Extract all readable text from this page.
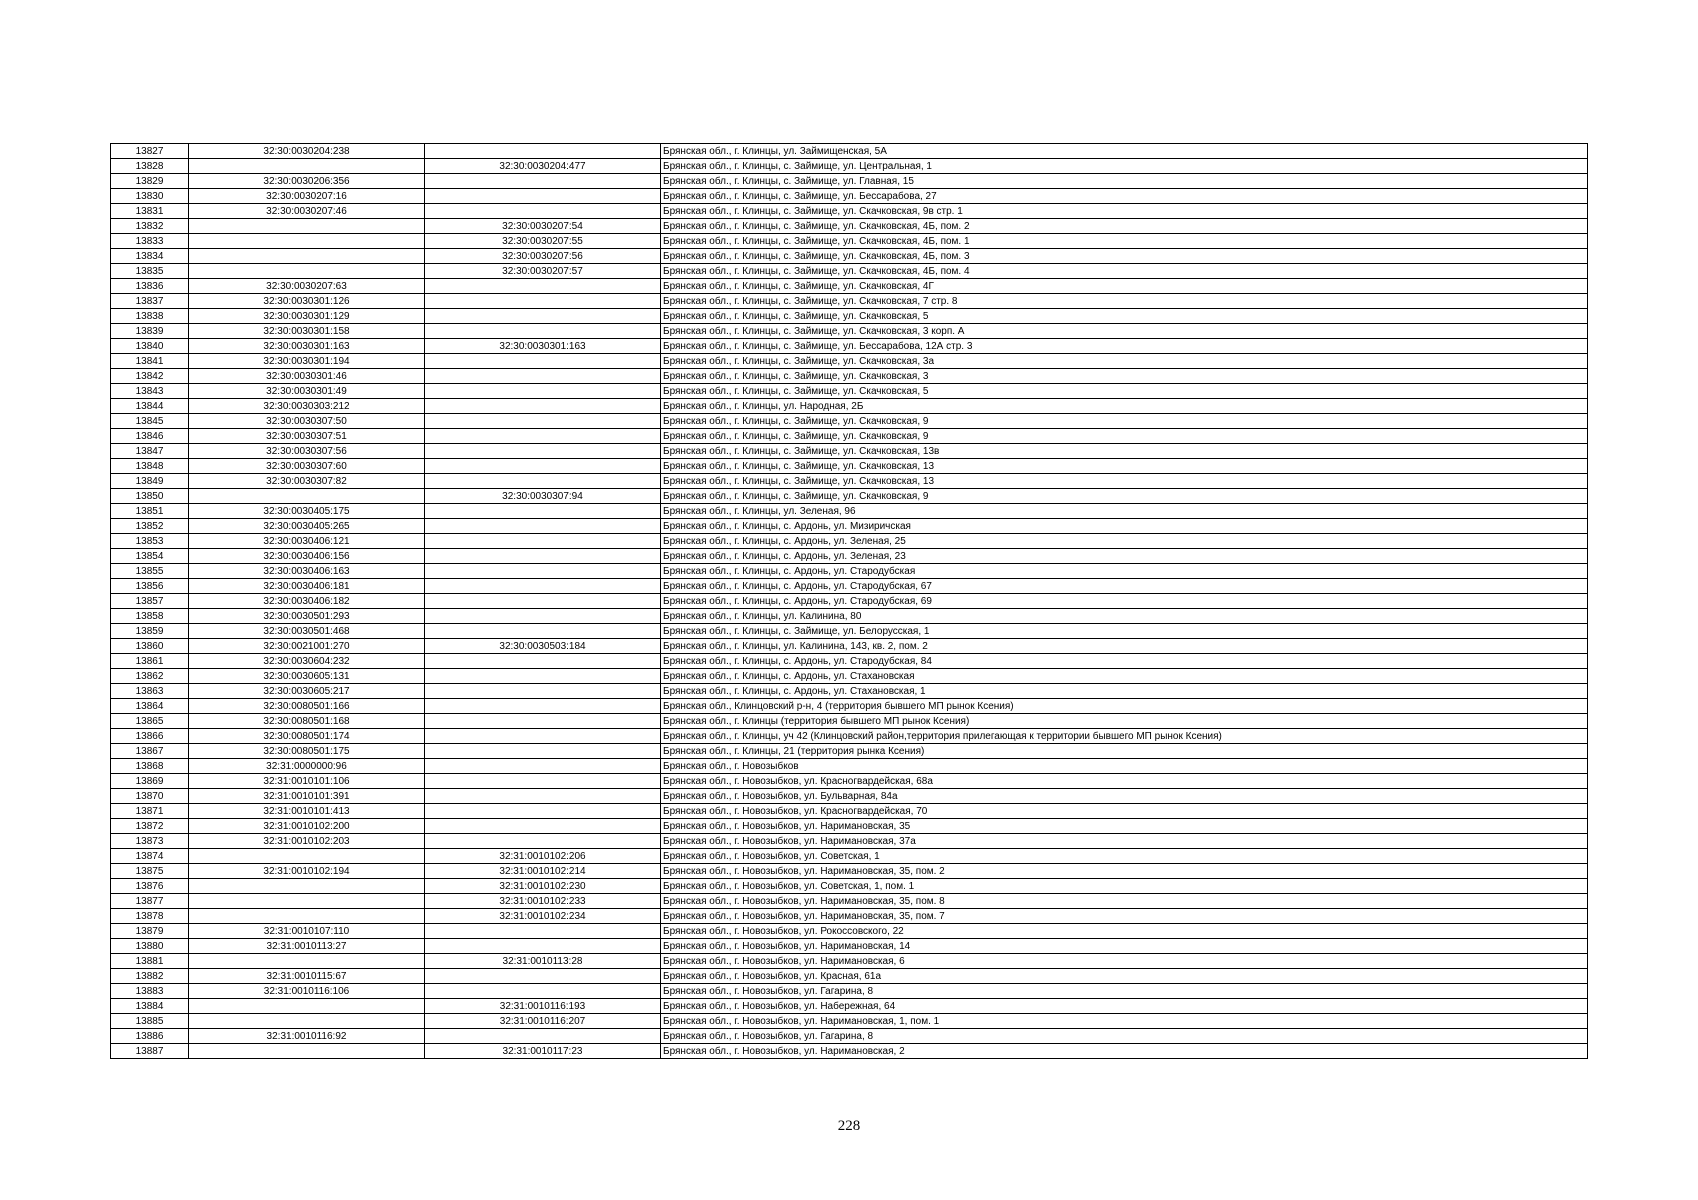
13827	32:30:0030204:238		Брянская обл., г. Клинцы, ул. Займищенская, 5А
13828		32:30:0030204:477	Брянская обл., г. Клинцы, с. Займище, ул. Центральная, 1
13829	32:30:0030206:356		Брянская обл., г. Клинцы, с. Займище, ул. Главная, 15
13830	32:30:0030207:16		Брянская обл., г. Клинцы, с. Займище, ул. Бессарабова, 27
13831	32:30:0030207:46		Брянская обл., г. Клинцы, с. Займище, ул. Скачковская, 9в стр. 1
13832		32:30:0030207:54	Брянская обл., г. Клинцы, с. Займище, ул. Скачковская, 4Б, пом. 2
13833		32:30:0030207:55	Брянская обл., г. Клинцы, с. Займище, ул. Скачковская, 4Б, пом. 1
13834		32:30:0030207:56	Брянская обл., г. Клинцы, с. Займище, ул. Скачковская, 4Б, пом. 3
13835		32:30:0030207:57	Брянская обл., г. Клинцы, с. Займище, ул. Скачковская, 4Б, пом. 4
13836	32:30:0030207:63		Брянская обл., г. Клинцы, с. Займище, ул. Скачковская, 4Г
13837	32:30:0030301:126		Брянская обл., г. Клинцы, с. Займище, ул. Скачковская, 7 стр. 8
13838	32:30:0030301:129		Брянская обл., г. Клинцы, с. Займище, ул. Скачковская, 5
13839	32:30:0030301:158		Брянская обл., г. Клинцы, с. Займище, ул. Скачковская, 3 корп. А
13840	32:30:0030301:163	32:30:0030301:163	Брянская обл., г. Клинцы, с. Займище, ул. Бессарабова, 12А стр. 3
13841	32:30:0030301:194		Брянская обл., г. Клинцы, с. Займище, ул. Скачковская, 3а
13842	32:30:0030301:46		Брянская обл., г. Клинцы, с. Займище, ул. Скачковская, 3
13843	32:30:0030301:49		Брянская обл., г. Клинцы, с. Займище, ул. Скачковская, 5
13844	32:30:0030303:212		Брянская обл., г. Клинцы, ул. Народная, 2Б
13845	32:30:0030307:50		Брянская обл., г. Клинцы, с. Займище, ул. Скачковская, 9
13846	32:30:0030307:51		Брянская обл., г. Клинцы, с. Займище, ул. Скачковская, 9
13847	32:30:0030307:56		Брянская обл., г. Клинцы, с. Займище, ул. Скачковская, 13в
13848	32:30:0030307:60		Брянская обл., г. Клинцы, с. Займище, ул. Скачковская, 13
13849	32:30:0030307:82		Брянская обл., г. Клинцы, с. Займище, ул. Скачковская, 13
13850		32:30:0030307:94	Брянская обл., г. Клинцы, с. Займище, ул. Скачковская, 9
13851	32:30:0030405:175		Брянская обл., г. Клинцы, ул. Зеленая, 96
13852	32:30:0030405:265		Брянская обл., г. Клинцы, с. Ардонь, ул. Мизиричская
13853	32:30:0030406:121		Брянская обл., г. Клинцы, с. Ардонь, ул. Зеленая, 25
13854	32:30:0030406:156		Брянская обл., г. Клинцы, с. Ардонь, ул. Зеленая, 23
13855	32:30:0030406:163		Брянская обл., г. Клинцы, с. Ардонь, ул. Стародубская
13856	32:30:0030406:181		Брянская обл., г. Клинцы, с. Ардонь, ул. Стародубская, 67
13857	32:30:0030406:182		Брянская обл., г. Клинцы, с. Ардонь, ул. Стародубская, 69
13858	32:30:0030501:293		Брянская обл., г. Клинцы, ул. Калинина, 80
13859	32:30:0030501:468		Брянская обл., г. Клинцы, с. Займище, ул. Белорусская, 1
13860	32:30:0021001:270	32:30:0030503:184	Брянская обл., г. Клинцы, ул. Калинина, 143, кв. 2, пом. 2
13861	32:30:0030604:232		Брянская обл., г. Клинцы, с. Ардонь, ул. Стародубская, 84
13862	32:30:0030605:131		Брянская обл., г. Клинцы, с. Ардонь, ул. Стахановская
13863	32:30:0030605:217		Брянская обл., г. Клинцы, с. Ардонь, ул. Стахановская, 1
13864	32:30:0080501:166		Брянская обл., Клинцовский р-н, 4 (территория бывшего МП рынок Ксения)
13865	32:30:0080501:168		Брянская обл., г. Клинцы (территория бывшего МП рынок Ксения)
13866	32:30:0080501:174		Брянская обл., г. Клинцы, уч 42 (Клинцовский район,территория прилегающая к территории бывшего МП рынок Ксения)
13867	32:30:0080501:175		Брянская обл., г. Клинцы, 21 (территория рынка Ксения)
13868	32:31:0000000:96		Брянская обл., г. Новозыбков
13869	32:31:0010101:106		Брянская обл., г. Новозыбков, ул. Красногвардейская, 68а
13870	32:31:0010101:391		Брянская обл., г. Новозыбков, ул. Бульварная, 84а
13871	32:31:0010101:413		Брянская обл., г. Новозыбков, ул. Красногвардейская, 70
13872	32:31:0010102:200		Брянская обл., г. Новозыбков, ул. Наримановская, 35
13873	32:31:0010102:203		Брянская обл., г. Новозыбков, ул. Наримановская, 37а
13874		32:31:0010102:206	Брянская обл., г. Новозыбков, ул. Советская, 1
13875	32:31:0010102:194	32:31:0010102:214	Брянская обл., г. Новозыбков, ул. Наримановская, 35, пом. 2
13876		32:31:0010102:230	Брянская обл., г. Новозыбков, ул. Советская, 1, пом. 1
13877		32:31:0010102:233	Брянская обл., г. Новозыбков, ул. Наримановская, 35, пом. 8
13878		32:31:0010102:234	Брянская обл., г. Новозыбков, ул. Наримановская, 35, пом. 7
13879	32:31:0010107:110		Брянская обл., г. Новозыбков, ул. Рокоссовского, 22
13880	32:31:0010113:27		Брянская обл., г. Новозыбков, ул. Наримановская, 14
13881		32:31:0010113:28	Брянская обл., г. Новозыбков, ул. Наримановская, 6
13882	32:31:0010115:67		Брянская обл., г. Новозыбков, ул. Красная, 61а
13883	32:31:0010116:106		Брянская обл., г. Новозыбков, ул. Гагарина, 8
13884		32:31:0010116:193	Брянская обл., г. Новозыбков, ул. Набережная, 64
13885		32:31:0010116:207	Брянская обл., г. Новозыбков, ул. Наримановская, 1, пом. 1
13886	32:31:0010116:92		Брянская обл., г. Новозыбков, ул. Гагарина, 8
13887		32:31:0010117:23	Брянская обл., г. Новозыбков, ул. Наримановская, 2
228
